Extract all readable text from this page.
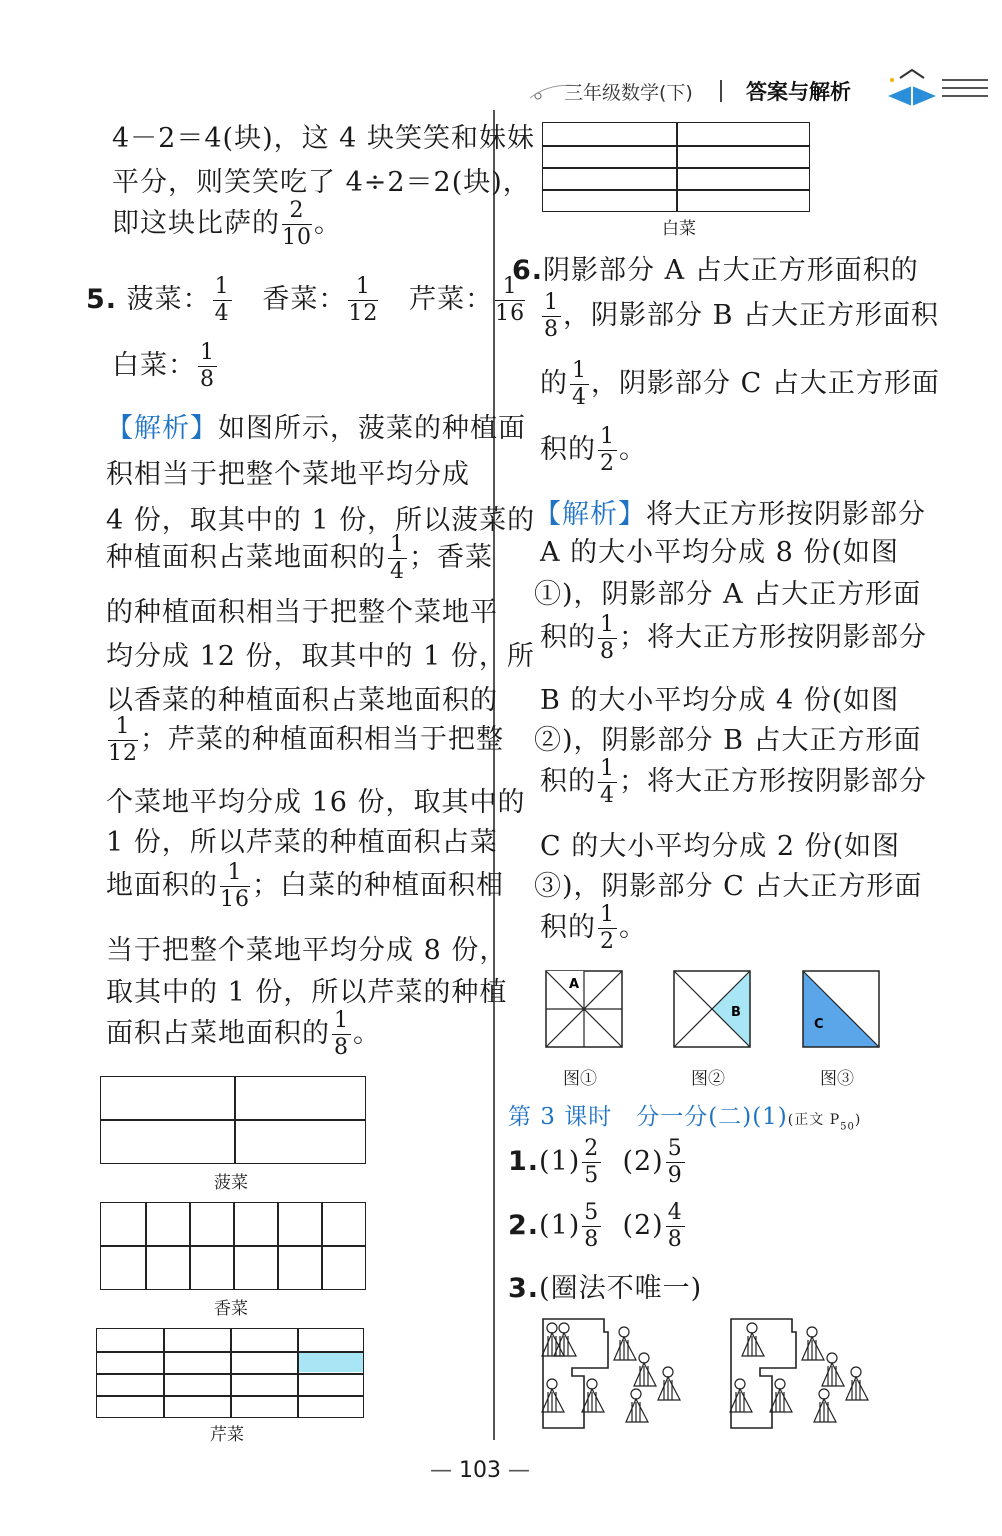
三年级数学(下)	答案与解析
4－2＝4(块)，这 4 块笑笑和妹妹
平分，则笑笑吃了 4÷2＝2(块)，
即这块比萨的 $\frac{2}{10}$ 。
5. 菠菜： $\frac{1}{4}$ 香菜： $\frac{1}{12}$ 芹菜： $\frac{1}{16}$
白菜： $\frac{1}{8}$
【解析】如图所示，菠菜的种植面
积相当于把整个菜地平均分成
4 份，取其中的 1 份，所以菠菜的
种植面积占菜地面积的 $\frac{1}{4}$ ；香菜
的种植面积相当于把整个菜地平
均分成 12 份，取其中的 1 份，所
以香菜的种植面积占菜地面积的
$\frac{1}{12}$ ；芹菜的种植面积相当于把整
个菜地平均分成 16 份，取其中的
1 份，所以芹菜的种植面积占菜
地面积的 $\frac{1}{16}$ ；白菜的种植面积相
当于把整个菜地平均分成 8 份，
取其中的 1 份，所以芹菜的种植
面积占菜地面积的 $\frac{1}{8}$ 。
菠菜
香菜
芹菜
白菜
6.阴影部分 A 占大正方形面积的
$\frac{1}{8}$ ，阴影部分 B 占大正方形面积
的 $\frac{1}{4}$ ，阴影部分 C 占大正方形面
积的 $\frac{1}{2}$ 。
【解析】将大正方形按阴影部分
A 的大小平均分成 8 份(如图
①)，阴影部分 A 占大正方形面
积的 $\frac{1}{8}$ ；将大正方形按阴影部分
B 的大小平均分成 4 份(如图
②)，阴影部分 B 占大正方形面
积的 $\frac{1}{4}$ ；将大正方形按阴影部分
C 的大小平均分成 2 份(如图
③)，阴影部分 C 占大正方形面
积的 $\frac{1}{2}$ 。
A
B
C
图①	图②	图③
第 3 课时　分一分(二)(1)(正文 $P_{50}$)
$1.(1) \frac{2}{5} (2) \frac{5}{9}$
$2.(1) \frac{5}{8} (2) \frac{4}{8}$
3.(圈法不唯一)
— 103 —
